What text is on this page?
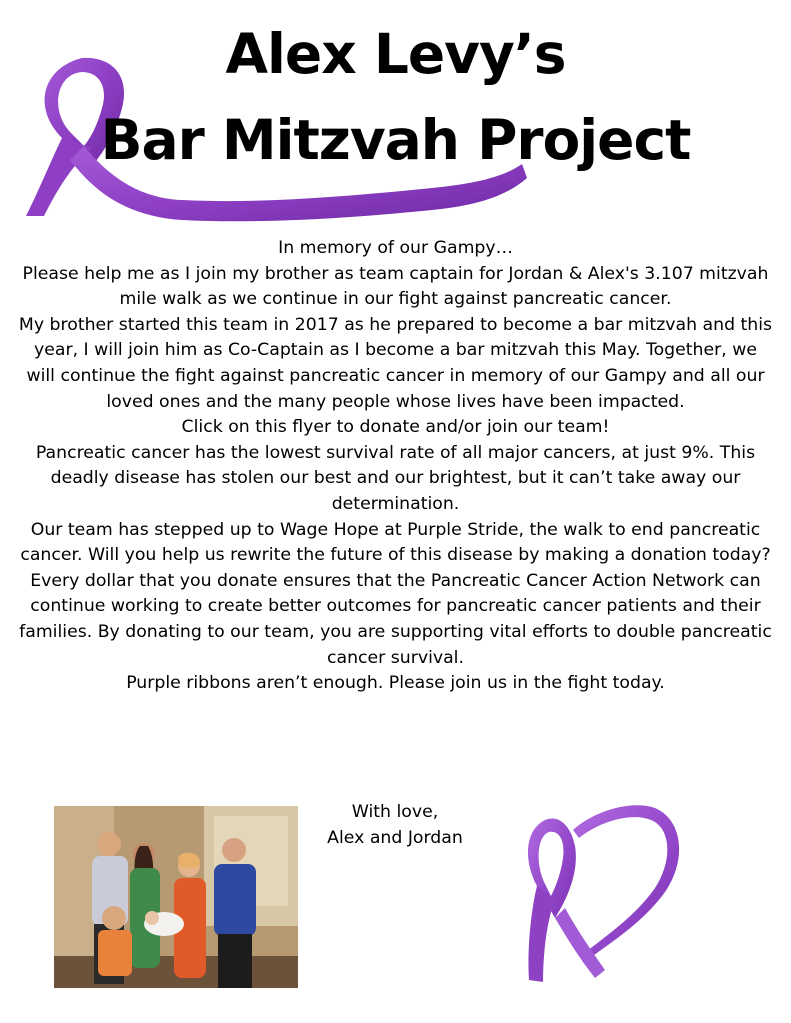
Alex Levy’s
Bar Mitzvah Project

In memory of our Gampy…

Please help me as I join my brother as team captain for Jordan & Alex's 3.107 mitzvah mile walk as we continue in our fight against pancreatic cancer.

My brother started this team in 2017 as he prepared to become a bar mitzvah and this year, I will join him as Co-Captain as I become a bar mitzvah this May. Together, we will continue the fight against pancreatic cancer in memory of our Gampy and all our loved ones and the many people whose lives have been impacted.

Click on this flyer to donate and/or join our team!

Pancreatic cancer has the lowest survival rate of all major cancers, at just 9%. This deadly disease has stolen our best and our brightest, but it can’t take away our determination.

Our team has stepped up to Wage Hope at Purple Stride, the walk to end pancreatic cancer. Will you help us rewrite the future of this disease by making a donation today?

Every dollar that you donate ensures that the Pancreatic Cancer Action Network can continue working to create better outcomes for pancreatic cancer patients and their families. By donating to our team, you are supporting vital efforts to double pancreatic cancer survival.

Purple ribbons aren’t enough. Please join us in the fight today.

With love,

Alex and Jordan
